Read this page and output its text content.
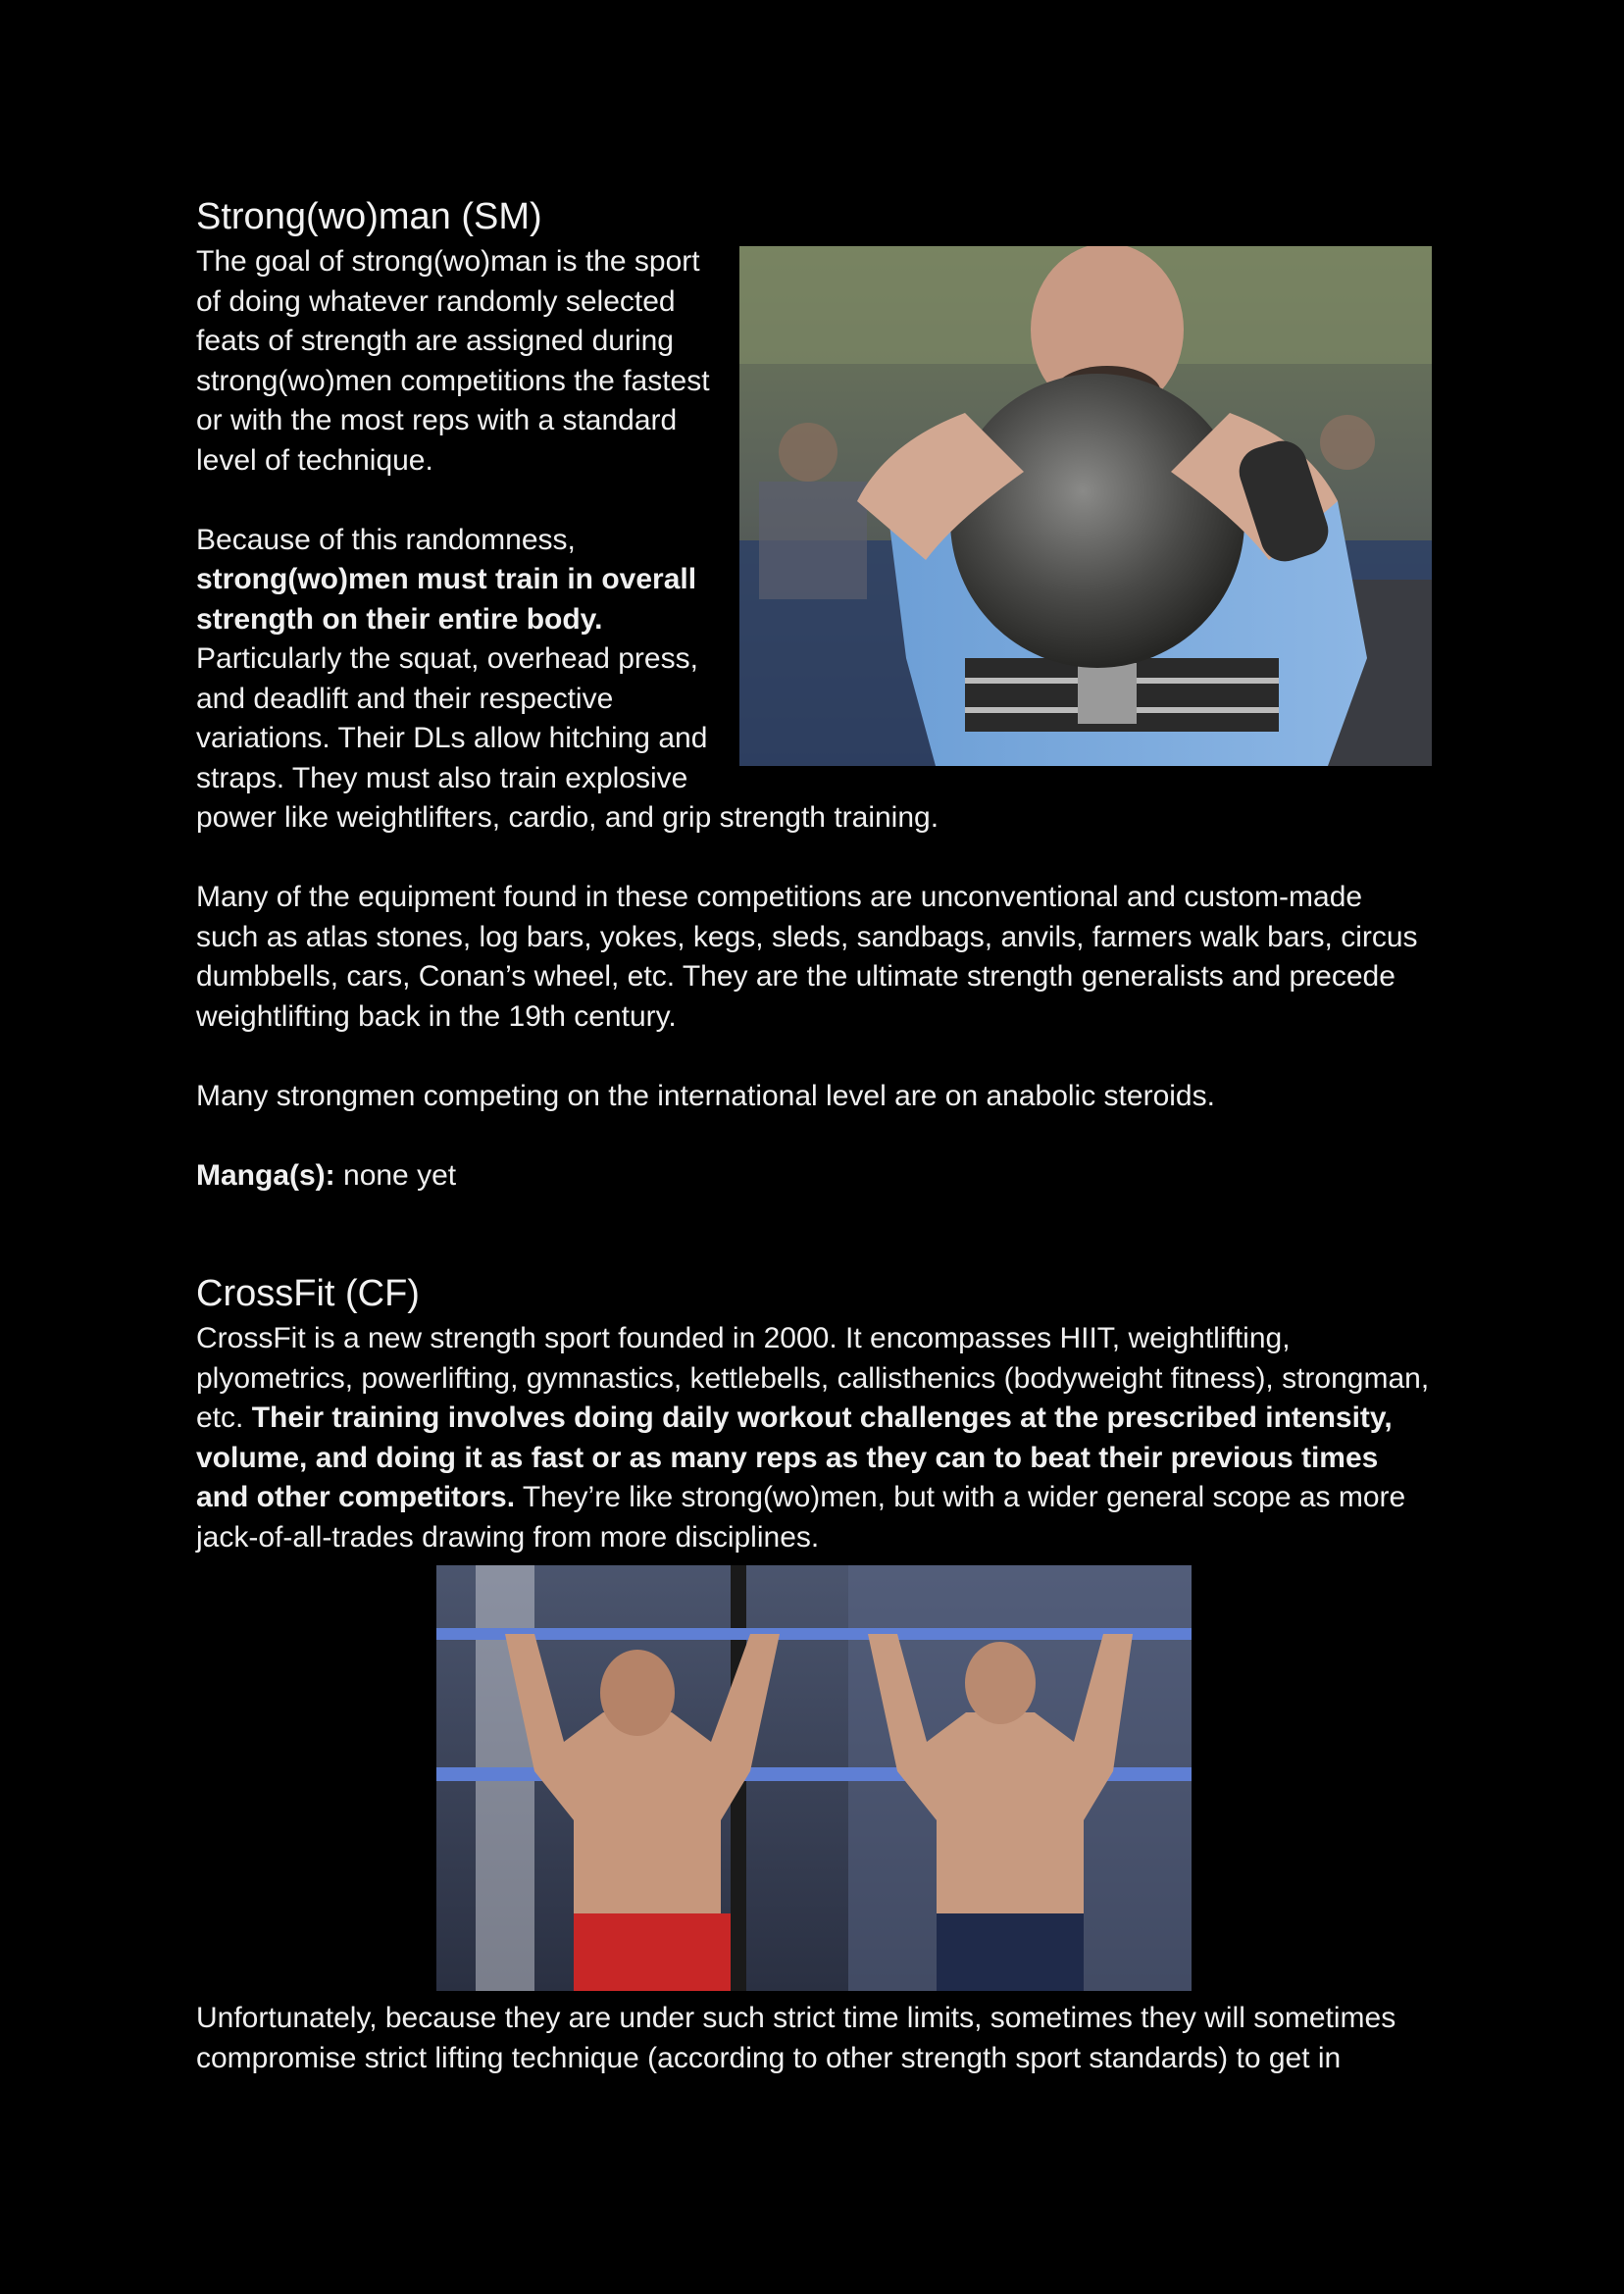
Strong(wo)man (SM)

The goal of strong(wo)man is the sport of doing whatever randomly selected feats of strength are assigned during strong(wo)men competitions the fastest or with the most reps with a standard level of technique.

Because of this randomness, strong(wo)men must train in overall strength on their entire body. Particularly the squat, overhead press, and deadlift and their respective variations. Their DLs allow hitching and straps. They must also train explosive power like weightlifters, cardio, and grip strength training.

Many of the equipment found in these competitions are unconventional and custom-made such as atlas stones, log bars, yokes, kegs, sleds, sandbags, anvils, farmers walk bars, circus dumbbells, cars, Conan’s wheel, etc. They are the ultimate strength generalists and precede weightlifting back in the 19th century.

Many strongmen competing on the international level are on anabolic steroids.

Manga(s): none yet

CrossFit (CF)

CrossFit is a new strength sport founded in 2000. It encompasses HIIT, weightlifting, plyometrics, powerlifting, gymnastics, kettlebells, callisthenics (bodyweight fitness), strongman, etc. Their training involves doing daily workout challenges at the prescribed intensity, volume, and doing it as fast or as many reps as they can to beat their previous times and other competitors. They’re like strong(wo)men, but with a wider general scope as more jack-of-all-trades drawing from more disciplines.

Unfortunately, because they are under such strict time limits, sometimes they will sometimes compromise strict lifting technique (according to other strength sport standards) to get in
